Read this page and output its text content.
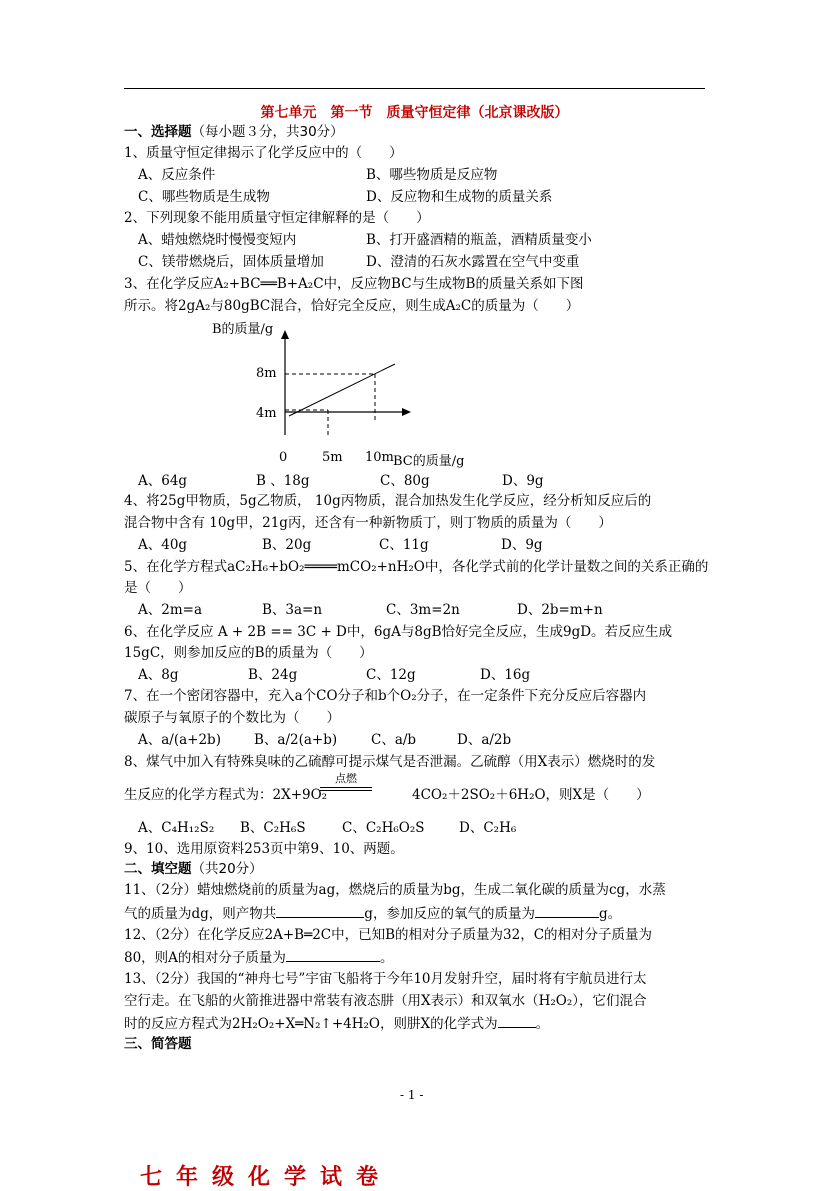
第七单元　第一节　质量守恒定律（北京课改版）
一、选择题（每小题３分，共30分）
1、质量守恒定律揭示了化学反应中的（　　）
A、反应条件	B、哪些物质是反应物
C、哪些物质是生成物	D、反应物和生成物的质量关系
2、下列现象不能用质量守恒定律解释的是（　　）
A、蜡烛燃烧时慢慢变短内	B、打开盛酒精的瓶盖，酒精质量变小
C、镁带燃烧后，固体质量增加	D、澄清的石灰水露置在空气中变重
3、在化学反应A₂+BC══B+A₂C中，反应物BC与生成物B的质量关系如下图
所示。将2gA₂与80gBC混合，恰好完全反应，则生成A₂C的质量为（　　）
B的质量/g
8m
4m
0	5m 10m BC的质量/g
A、64g	B 、18g	C、80g	D、9g
4、将25g甲物质，5g乙物质， 10g丙物质，混合加热发生化学反应，经分析知反应后的
混合物中含有 10g甲，21g丙，还含有一种新物质丁，则丁物质的质量为（　　）
A、40g	B、20g	C、11g	D、9g
5、在化学方程式aC₂H₆+bO₂════mCO₂+nH₂O中，各化学式前的化学计量数之间的关系正确的
是（　　）
A、2m=a	B、3a=n	C、3m=2n	D、2b=m+n
6、在化学反应 A + 2B == 3C + D中，6gA与8gB恰好完全反应，生成9gD。若反应生成
15gC，则参加反应的B的质量为（　　）
A、8g	B、24g	C、12g	D、16g
7、在一个密闭容器中，充入a个CO分子和b个O₂分子，在一定条件下充分反应后容器内
碳原子与氧原子的个数比为（　　）
A、a/(a+2b) B、a/2(a+b)	C、a/b	D、a/2b
8、煤气中加入有特殊臭味的乙硫醇可提示煤气是否泄漏。乙硫醇（用X表示）燃烧时的发
生反应的化学方程式为：2X+9O₂
点燃
4CO₂＋2SO₂＋6H₂O，则X是（　　）
A、C₄H₁₂S₂ B、C₂H₆S	C、C₂H₆O₂S	D、C₂H₆
9、10、选用原资料253页中第9、10、两题。
二、填空题（共20分）
11、（2分）蜡烛燃烧前的质量为ag，燃烧后的质量为bg，生成二氧化碳的质量为cg，水蒸
气的质量为dg，则产物共	g，参加反应的氧气的质量为	g。
12、（2分）在化学反应2A+B═2C中，已知B的相对分子质量为32，C的相对分子质量为
80，则A的相对分子质量为	。
13、（2分）我国的“神舟七号”宇宙飞船将于今年10月发射升空，届时将有宇航员进行太
空行走。在飞船的火箭推进器中常装有液态肼（用X表示）和双氧水（H₂O₂），它们混合
时的反应方程式为2H₂O₂+X═N₂↑+4H₂O，则肼X的化学式为	。
三、简答题
- 1 -
七年级化学试卷
